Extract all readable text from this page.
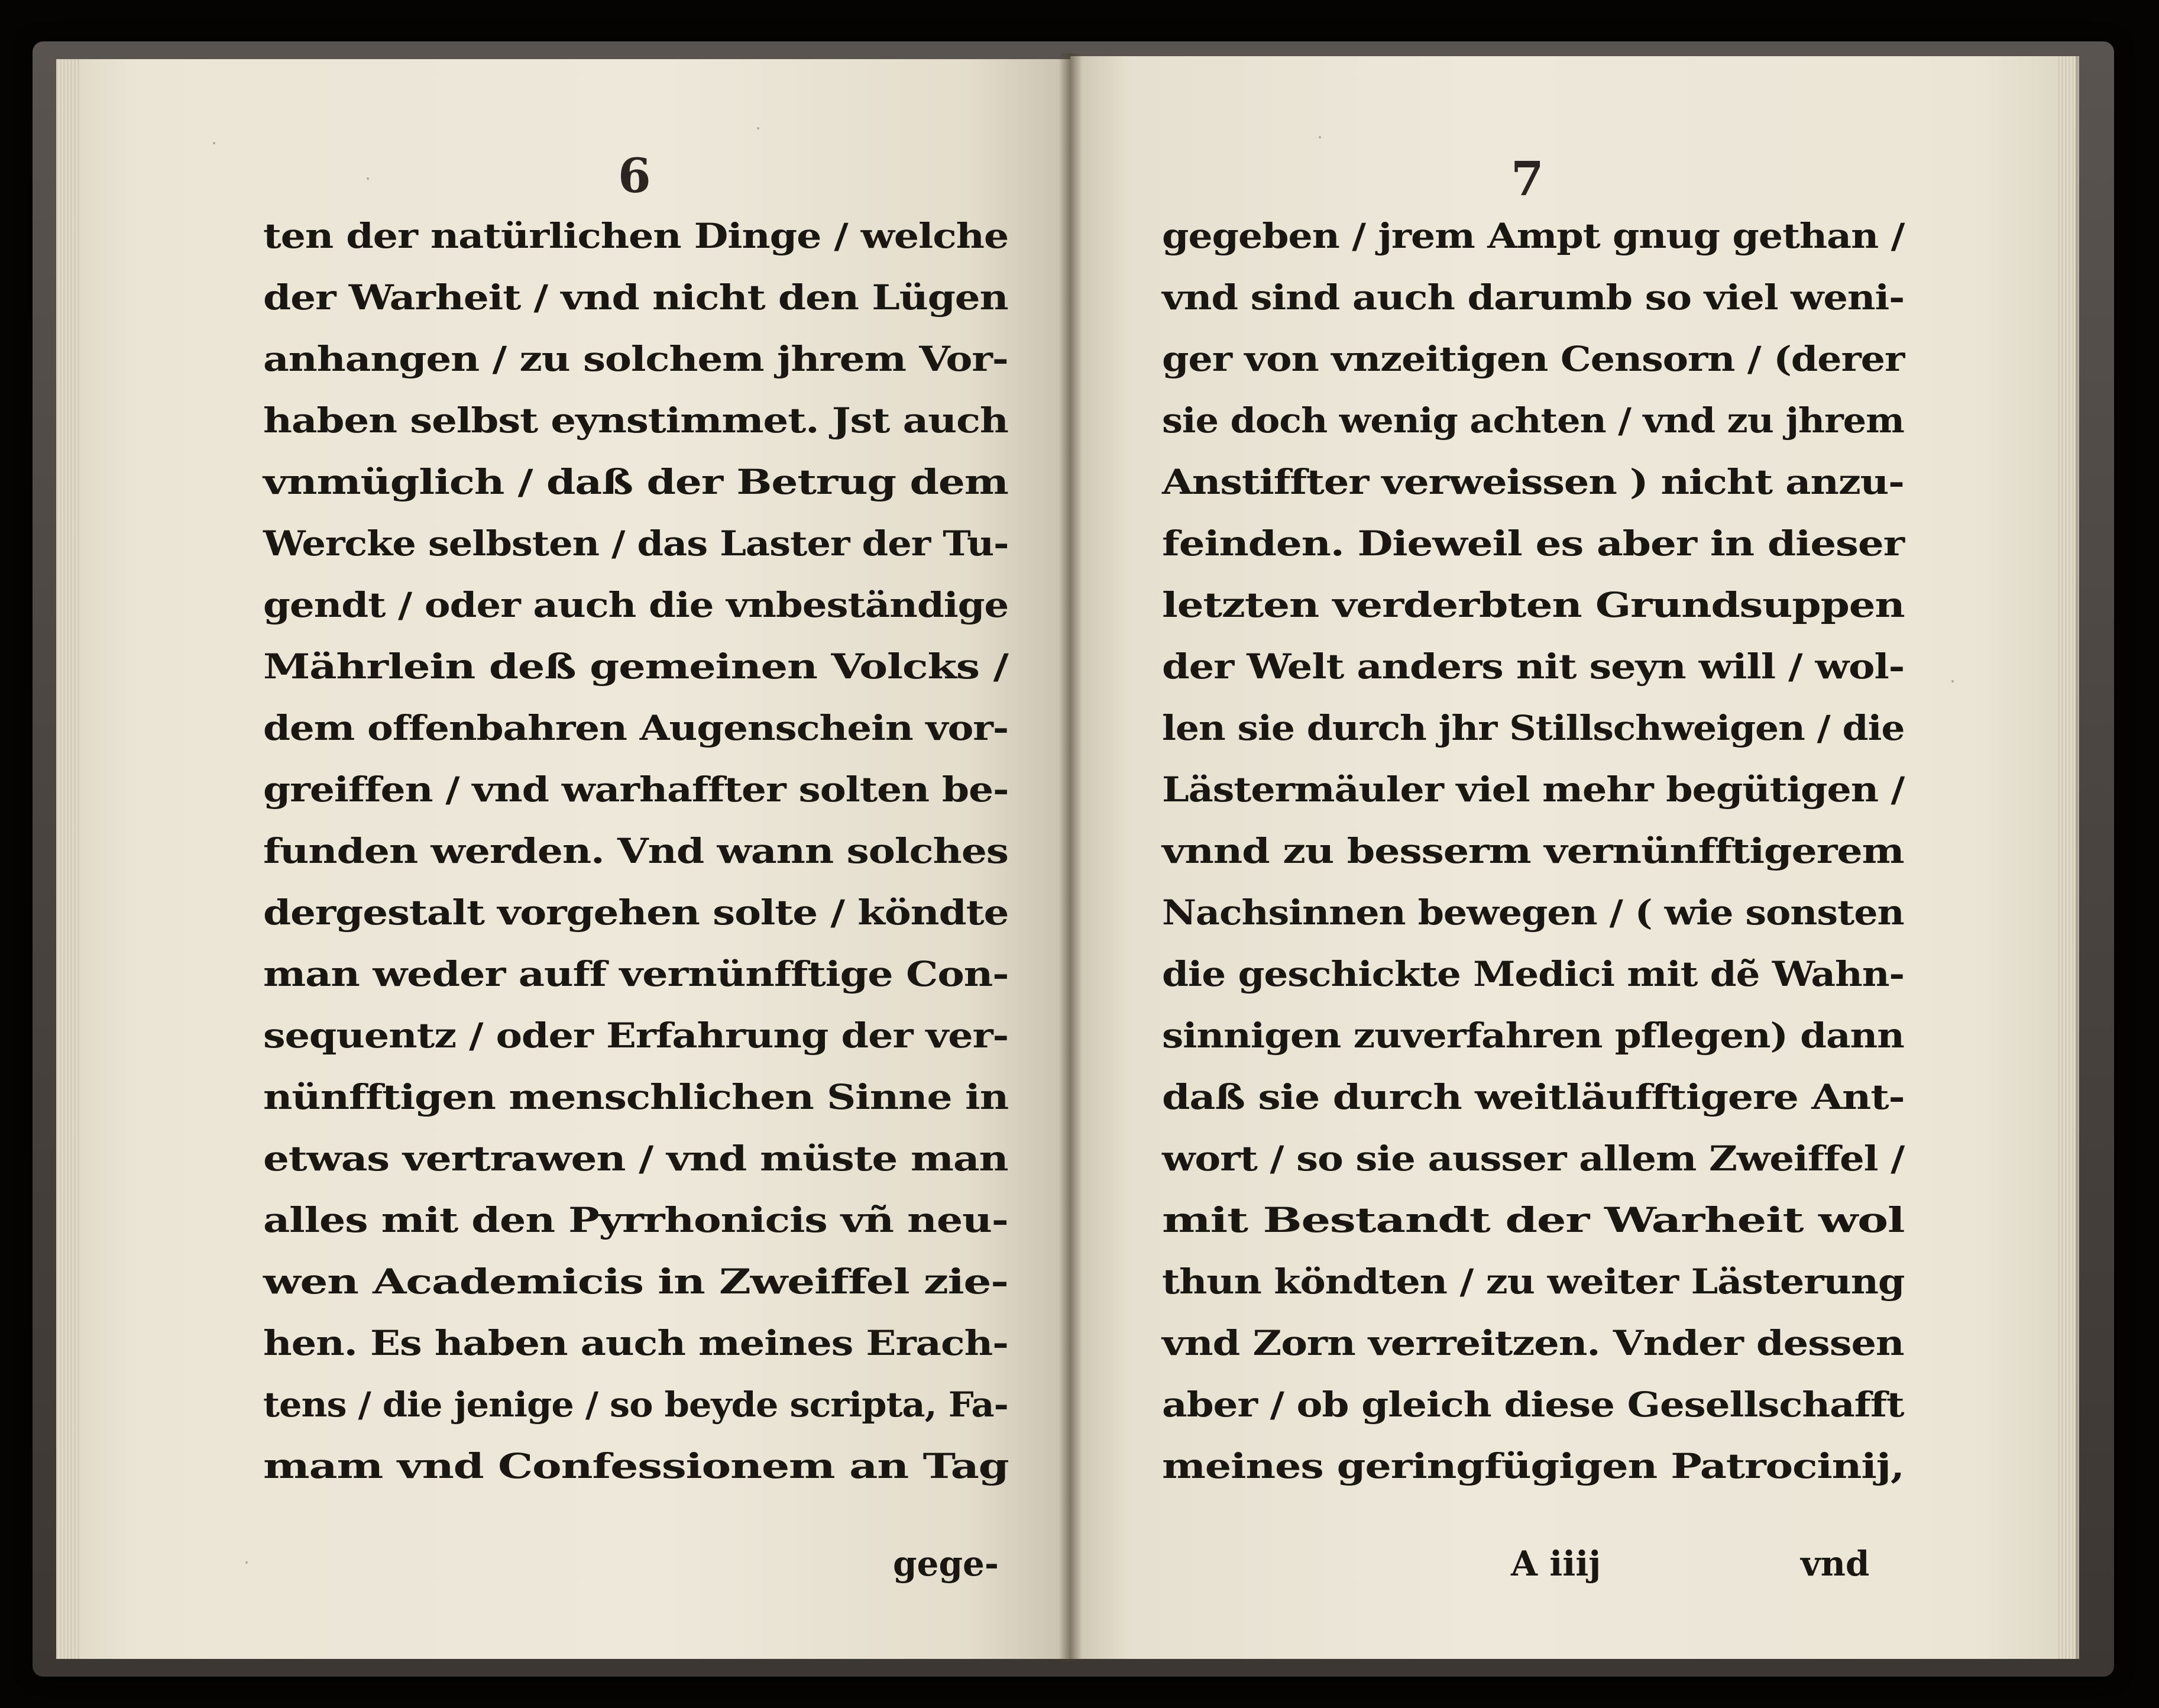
6	7
ten der natürlichen Dinge / welche
der Warheit / vnd nicht den Lügen
anhangen / zu solchem jhrem Vor-
haben selbst eynstimmet. Jst auch
vnmüglich / daß der Betrug dem
Wercke selbsten / das Laster der Tu-
gendt / oder auch die vnbeständige
Mährlein deß gemeinen Volcks /
dem offenbahren Augenschein vor-
greiffen / vnd warhaffter solten be-
funden werden. Vnd wann solches
dergestalt vorgehen solte / köndte
man weder auff vernünfftige Con-
sequentz / oder Erfahrung der ver-
nünfftigen menschlichen Sinne in
etwas vertrawen / vnd müste man
alles mit den Pyrrhonicis vñ neu-
wen Academicis in Zweiffel zie-
hen. Es haben auch meines Erach-
tens / die jenige / so beyde scripta, Fa-
mam vnd Confessionem an Tag
gegeben / jrem Ampt gnug gethan /
vnd sind auch darumb so viel weni-
ger von vnzeitigen Censorn / (derer
sie doch wenig achten / vnd zu jhrem
Anstiffter verweissen ) nicht anzu-
feinden. Dieweil es aber in dieser
letzten verderbten Grundsuppen
der Welt anders nit seyn will / wol-
len sie durch jhr Stillschweigen / die
Lästermäuler viel mehr begütigen /
vnnd zu besserm vernünfftigerem
Nachsinnen bewegen / ( wie sonsten
die geschickte Medici mit dẽ Wahn-
sinnigen zuverfahren pflegen) dann
daß sie durch weitläufftigere Ant-
wort / so sie ausser allem Zweiffel /
mit Bestandt der Warheit wol
thun köndten / zu weiter Lästerung
vnd Zorn verreitzen. Vnder dessen
aber / ob gleich diese Gesellschafft
meines geringfügigen Patrocinij,
gege-	A iiij	vnd
